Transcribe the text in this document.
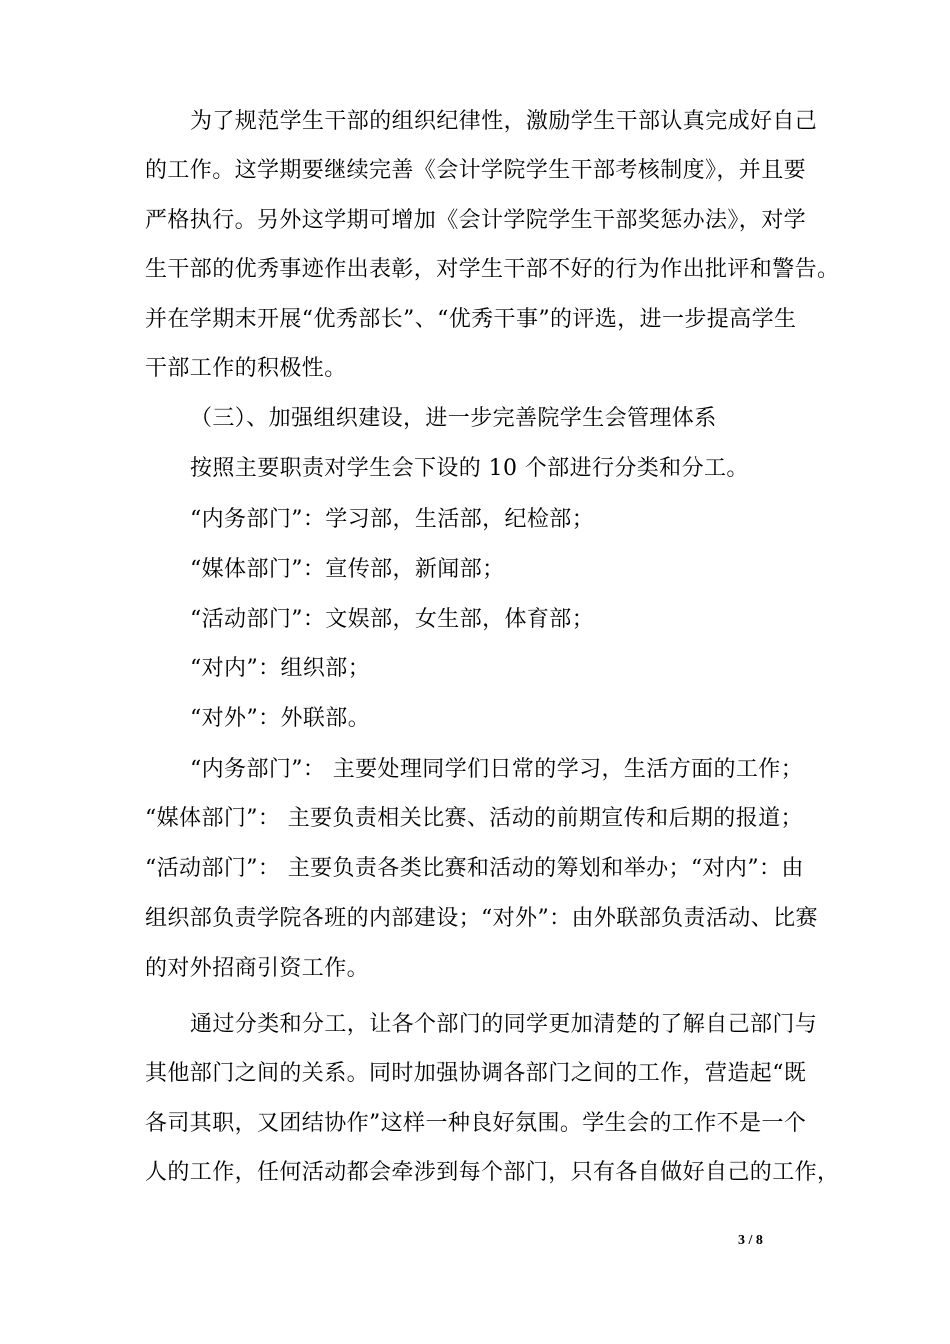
为了规范学生干部的组织纪律性，激励学生干部认真完成好自己
的工作。这学期要继续完善《会计学院学生干部考核制度》，并且要
严格执行。另外这学期可增加《会计学院学生干部奖惩办法》，对学
生干部的优秀事迹作出表彰，对学生干部不好的行为作出批评和警告。
并在学期末开展“优秀部长”、“优秀干事”的评选，进一步提高学生
干部工作的积极性。
（三）、加强组织建设，进一步完善院学生会管理体系
按照主要职责对学生会下设的 10 个部进行分类和分工。
“内务部门”：学习部，生活部，纪检部；
“媒体部门”：宣传部，新闻部；
“活动部门”：文娱部，女生部，体育部；
“对内”：组织部；
“对外”：外联部。
“内务部门”： 主要处理同学们日常的学习，生活方面的工作；
“媒体部门”： 主要负责相关比赛、活动的前期宣传和后期的报道；
“活动部门”： 主要负责各类比赛和活动的筹划和举办；“对内”：由
组织部负责学院各班的内部建设；“对外”：由外联部负责活动、比赛
的对外招商引资工作。
通过分类和分工，让各个部门的同学更加清楚的了解自己部门与
其他部门之间的关系。同时加强协调各部门之间的工作，营造起“既
各司其职，又团结协作”这样一种良好氛围。学生会的工作不是一个
人的工作，任何活动都会牵涉到每个部门，只有各自做好自己的工作，
3 / 8
